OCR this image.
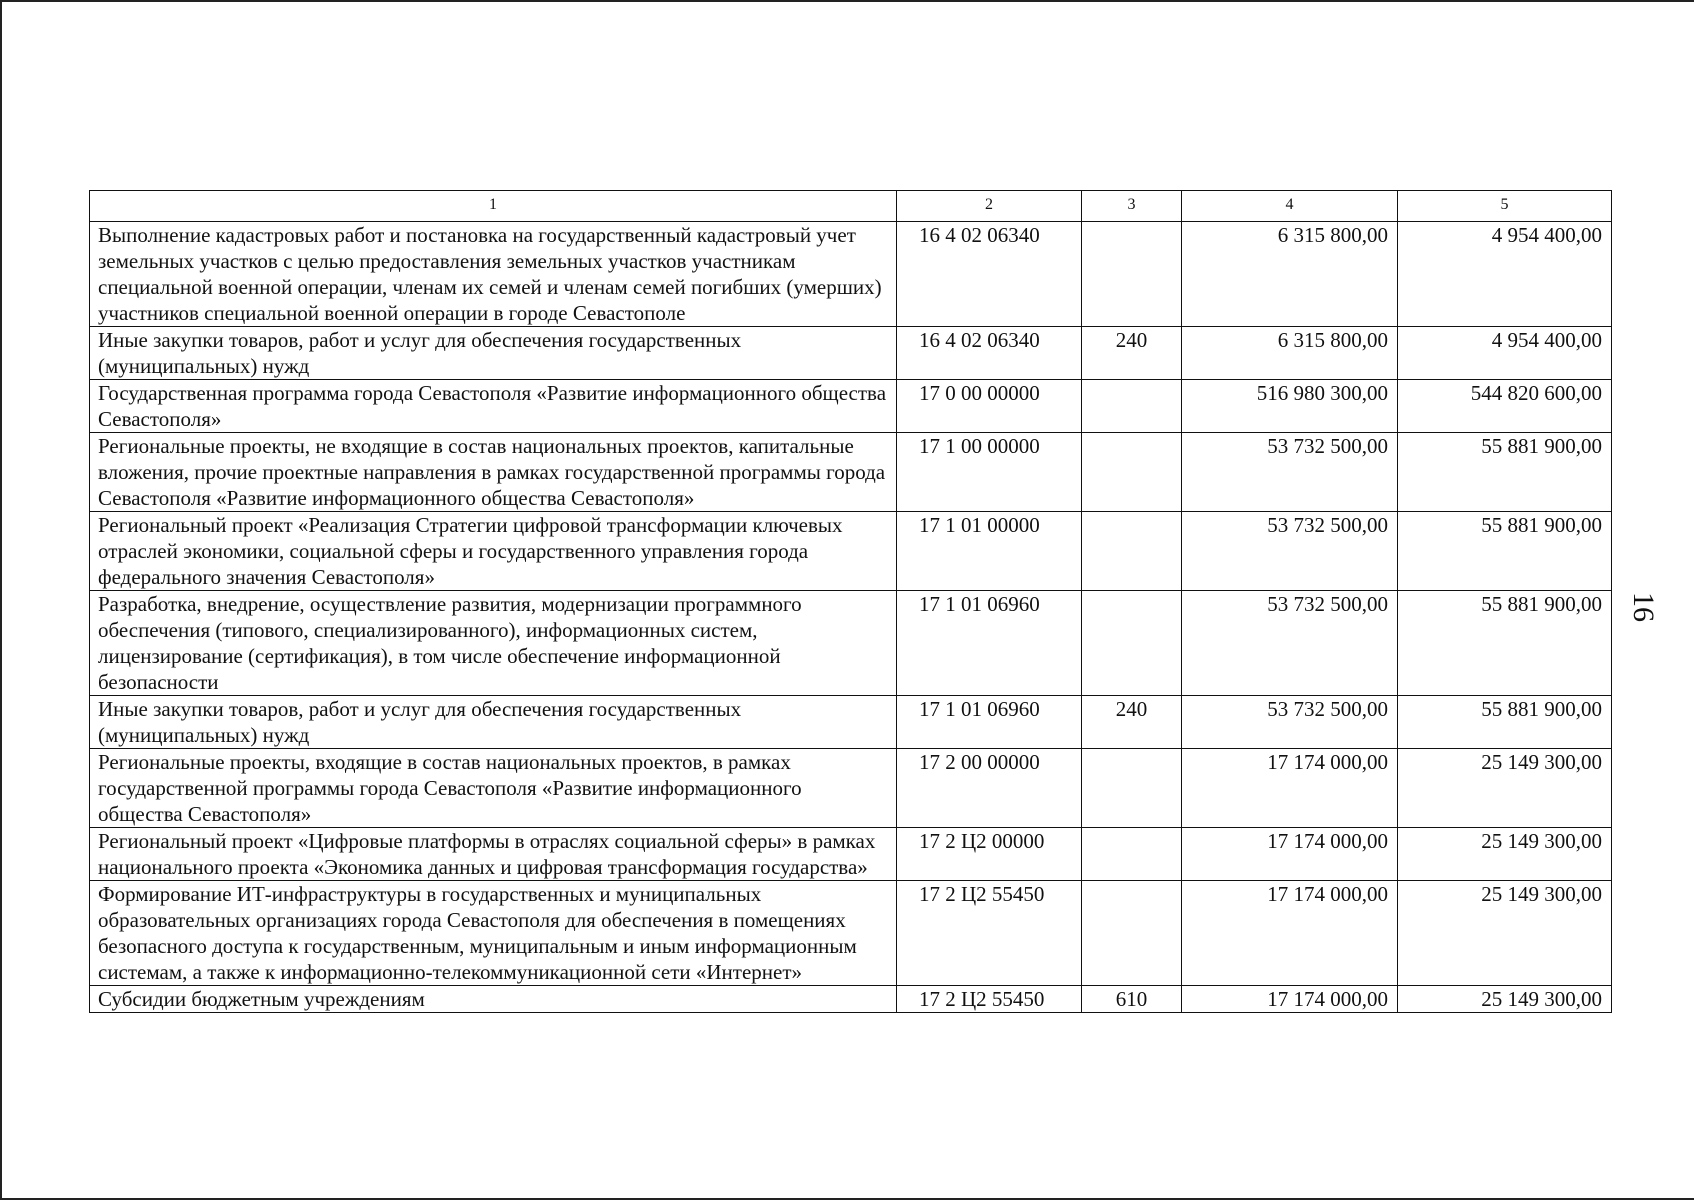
1	2	3	4	5
Выполнение кадастровых работ и постановка на государственный кадастровый учет земельных участков с целью предоставления земельных участков участникам специальной военной операции, членам их семей и членам семей погибших (умерших) участников специальной военной операции в городе Севастополе	16 4 02 06340		6 315 800,00	4 954 400,00
Иные закупки товаров, работ и услуг для обеспечения государственных (муниципальных) нужд	16 4 02 06340	240	6 315 800,00	4 954 400,00
Государственная программа города Севастополя «Развитие информационного общества Севастополя»	17 0 00 00000		516 980 300,00	544 820 600,00
Региональные проекты, не входящие в состав национальных проектов, капитальные вложения, прочие проектные направления в рамках государственной программы города Севастополя «Развитие информационного общества Севастополя»	17 1 00 00000		53 732 500,00	55 881 900,00
Региональный проект «Реализация Стратегии цифровой трансформации ключевых отраслей экономики, социальной сферы и государственного управления города федерального значения Севастополя»	17 1 01 00000		53 732 500,00	55 881 900,00
Разработка, внедрение, осуществление развития, модернизации программного обеспечения (типового, специализированного), информационных систем, лицензирование (сертификация), в том числе обеспечение информационной безопасности	17 1 01 06960		53 732 500,00	55 881 900,00
Иные закупки товаров, работ и услуг для обеспечения государственных (муниципальных) нужд	17 1 01 06960	240	53 732 500,00	55 881 900,00
Региональные проекты, входящие в состав национальных проектов, в рамках государственной программы города Севастополя «Развитие информационного общества Севастополя»	17 2 00 00000		17 174 000,00	25 149 300,00
Региональный проект «Цифровые платформы в отраслях социальной сферы» в рамках национального проекта «Экономика данных и цифровая трансформация государства»	17 2 Ц2 00000		17 174 000,00	25 149 300,00
Формирование ИТ-инфраструктуры в государственных и муниципальных образовательных организациях города Севастополя для обеспечения в помещениях безопасного доступа к государственным, муниципальным и иным информационным системам, а также к информационно-телекоммуникационной сети «Интернет»	17 2 Ц2 55450		17 174 000,00	25 149 300,00
Субсидии бюджетным учреждениям	17 2 Ц2 55450	610	17 174 000,00	25 149 300,00
16
